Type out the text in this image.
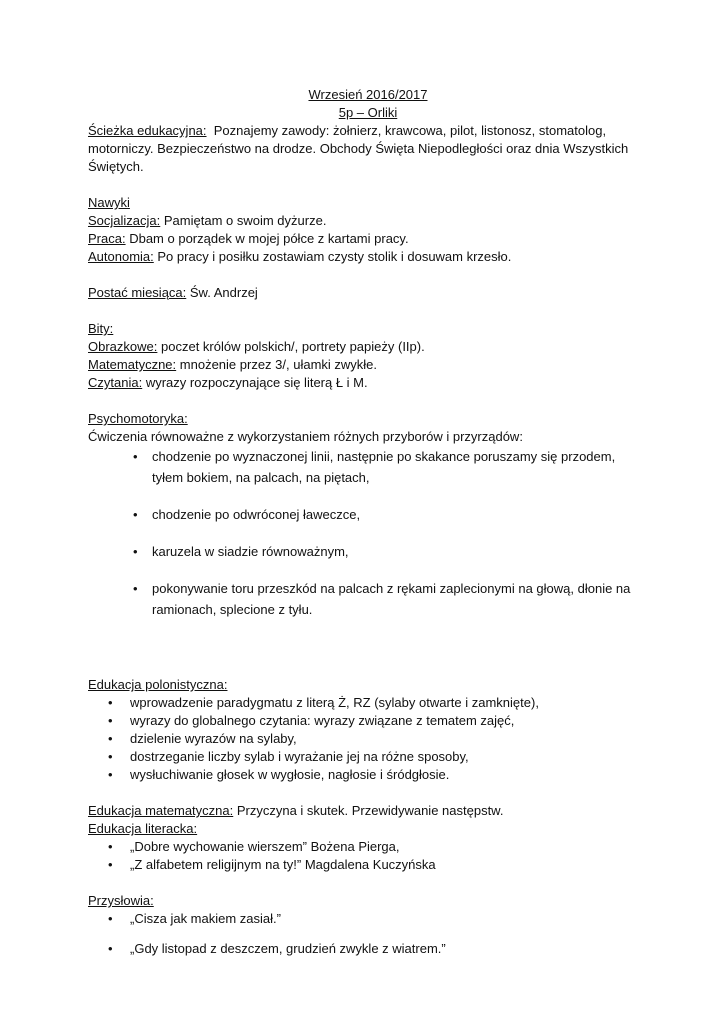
Wrzesień 2016/2017

5p – Orliki

Ścieżka edukacyjna: Poznajemy zawody: żołnierz, krawcowa, pilot, listonosz, stomatolog, motorniczy. Bezpieczeństwo na drodze. Obchody Święta Niepodległości oraz dnia Wszystkich Świętych.

Nawyki

Socjalizacja: Pamiętam o swoim dyżurze.

Praca: Dbam o porządek w mojej półce z kartami pracy.

Autonomia: Po pracy i posiłku zostawiam czysty stolik i dosuwam krzesło.

Postać miesiąca: Św. Andrzej

Bity:

Obrazkowe: poczet królów polskich/, portrety papieży (IIp).

Matematyczne: mnożenie przez 3/, ułamki zwykłe.

Czytania: wyrazy rozpoczynające się literą Ł i M.

Psychomotoryka:

Ćwiczenia równoważne z wykorzystaniem różnych przyborów i przyrządów:

• chodzenie po wyznaczonej linii, następnie po skakance poruszamy się przodem, tyłem bokiem, na palcach, na piętach,
• chodzenie po odwróconej ławeczce,
• karuzela w siadzie równoważnym,
• pokonywanie toru przeszkód na palcach z rękami zaplecionymi na głową, dłonie na ramionach, splecione z tyłu.

Edukacja polonistyczna:

• wprowadzenie paradygmatu z literą Ż, RZ (sylaby otwarte i zamknięte),
• wyrazy do globalnego czytania: wyrazy związane z tematem zajęć,
• dzielenie wyrazów na sylaby,
• dostrzeganie liczby sylab i wyrażanie jej na różne sposoby,
• wysłuchiwanie głosek w wygłosie, nagłosie i śródgłosie.

Edukacja matematyczna: Przyczyna i skutek. Przewidywanie następstw.

Edukacja literacka:

• „Dobre wychowanie wierszem” Bożena Pierga,
• „Z alfabetem religijnym na ty!” Magdalena Kuczyńska

Przysłowia:

• „Cisza jak makiem zasiał.”
• „Gdy listopad z deszczem, grudzień zwykle z wiatrem.”
